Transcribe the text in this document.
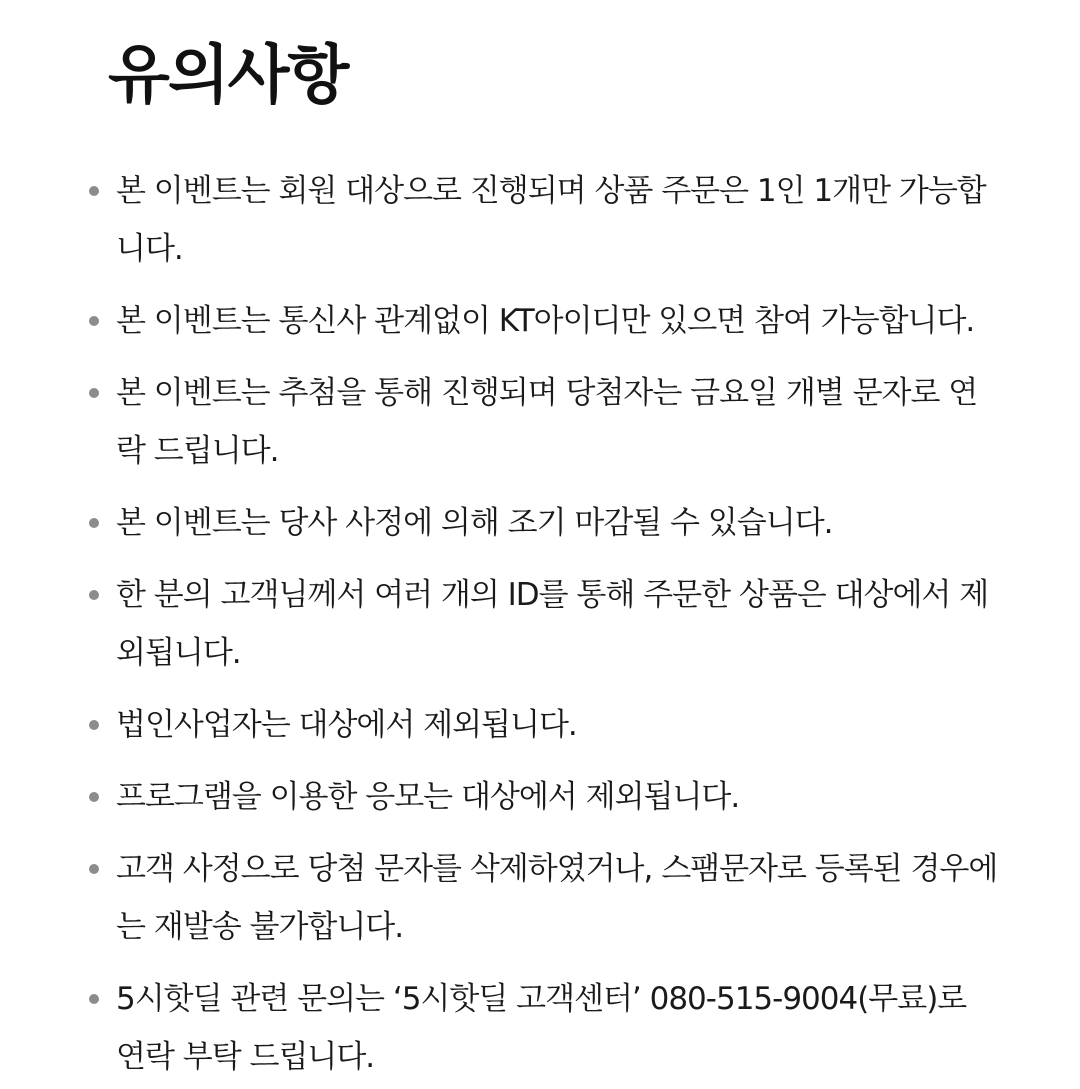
유의사항
본 이벤트는 회원 대상으로 진행되며 상품 주문은 1인 1개만 가능합니다.
본 이벤트는 통신사 관계없이 KT아이디만 있으면 참여 가능합니다.
본 이벤트는 추첨을 통해 진행되며 당첨자는 금요일 개별 문자로 연락 드립니다.
본 이벤트는 당사 사정에 의해 조기 마감될 수 있습니다.
한 분의 고객님께서 여러 개의 ID를 통해 주문한 상품은 대상에서 제외됩니다.
법인사업자는 대상에서 제외됩니다.
프로그램을 이용한 응모는 대상에서 제외됩니다.
고객 사정으로 당첨 문자를 삭제하였거나, 스팸문자로 등록된 경우에는 재발송 불가합니다.
5시핫딜 관련 문의는 ‘5시핫딜 고객센터’ 080-515-9004(무료)로 연락 부탁 드립니다.
